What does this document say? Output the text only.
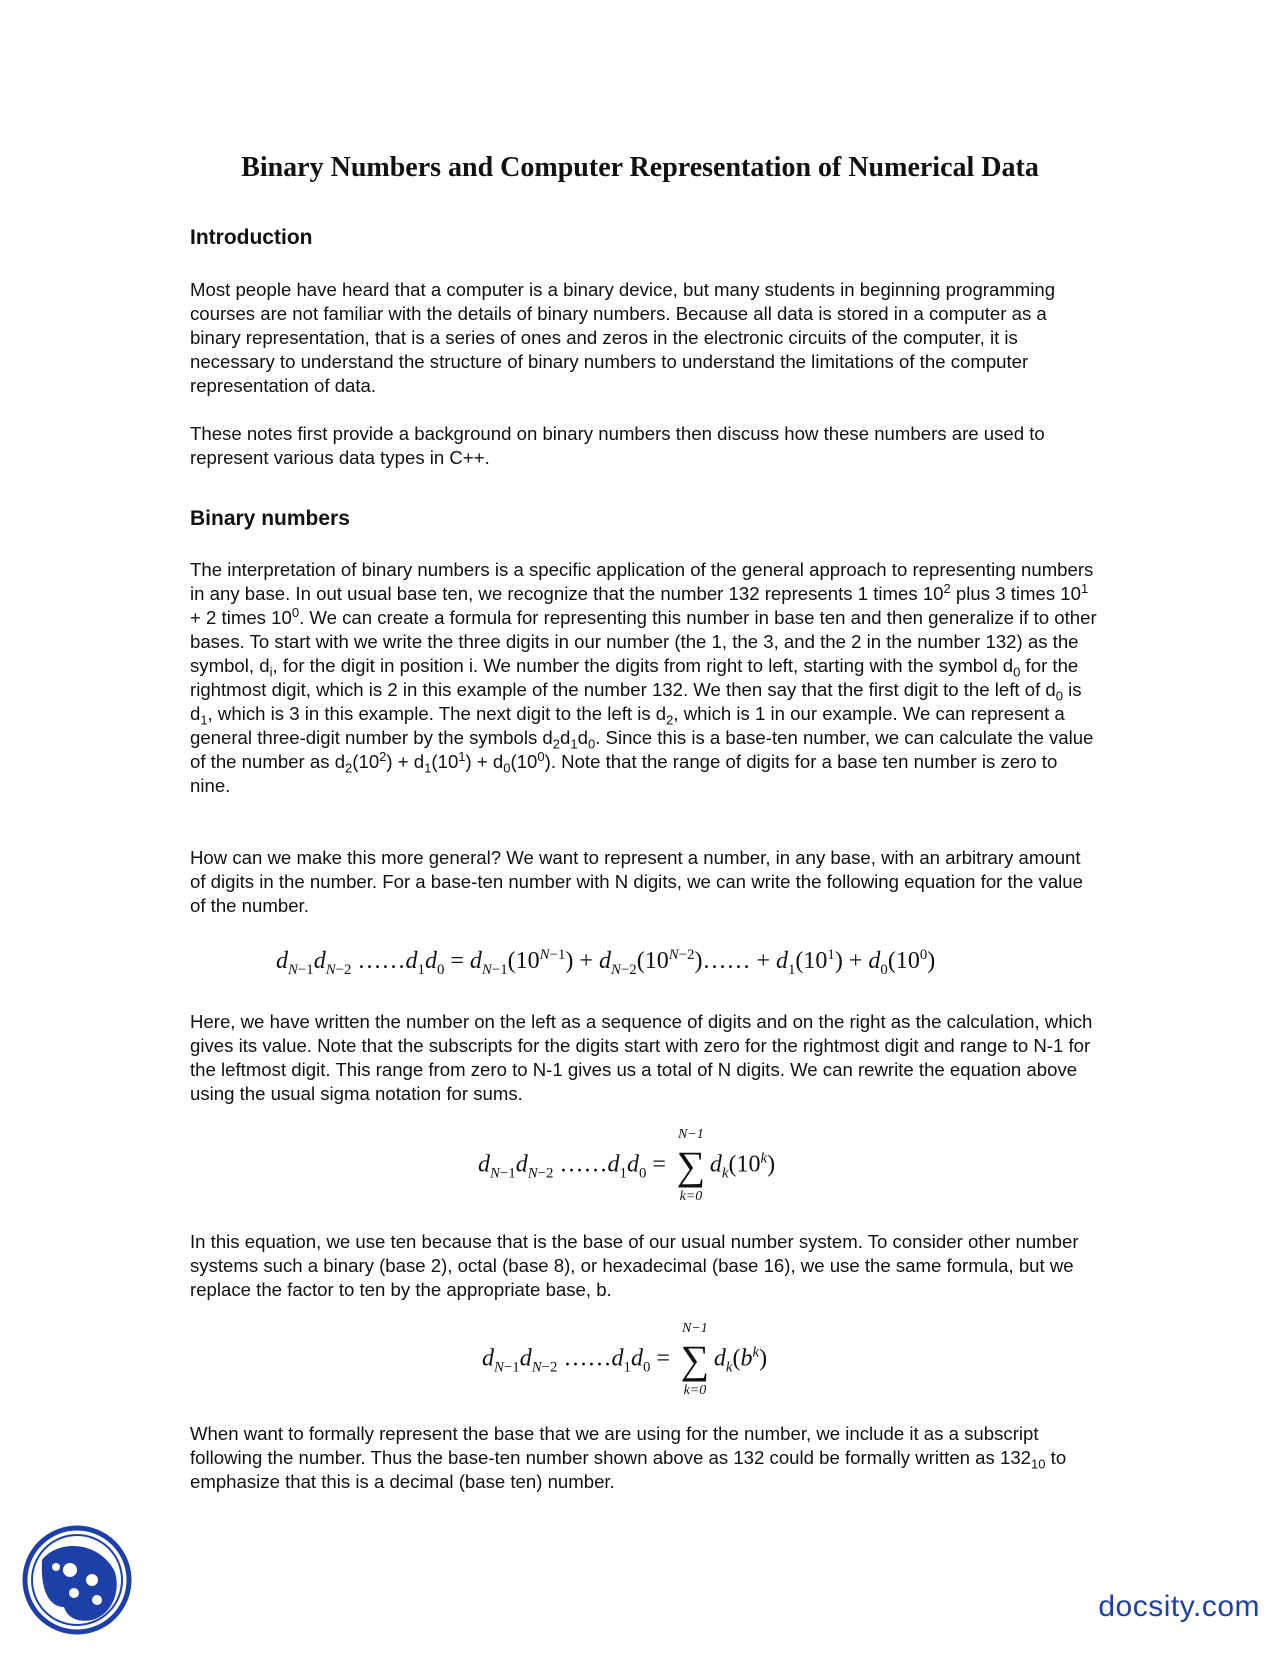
Binary Numbers and Computer Representation of Numerical Data
Introduction

Most people have heard that a computer is a binary device, but many students in beginning programming courses are not familiar with the details of binary numbers. Because all data is stored in a computer as a binary representation, that is a series of ones and zeros in the electronic circuits of the computer, it is necessary to understand the structure of binary numbers to understand the limitations of the computer representation of data.

These notes first provide a background on binary numbers then discuss how these numbers are used to represent various data types in C++.

Binary numbers

The interpretation of binary numbers is a specific application of the general approach to representing numbers in any base. In out usual base ten, we recognize that the number 132 represents 1 times $10^2$ plus 3 times $10^1 + 2$ times $10^0$. We can create a formula for representing this number in base ten and then generalize if to other bases. To start with we write the three digits in our number (the 1, the 3, and the 2 in the number 132) as the symbol, $d_i$, for the digit in position i. We number the digits from right to left, starting with the symbol $d_0$ for the rightmost digit, which is 2 in this example of the number 132. We then say that the first digit to the left of $d_0$ is $d_1$, which is 3 in this example. The next digit to the left is $d_2$, which is 1 in our example. We can represent a general three-digit number by the symbols $d_2d_1d_0$. Since this is a base-ten number, we can calculate the value of the number as $d_2(10^2) + d_1(10^1) + d_0(10^0)$. Note that the range of digits for a base ten number is zero to nine.

How can we make this more general? We want to represent a number, in any base, with an arbitrary amount of digits in the number. For a base-ten number with N digits, we can write the following equation for the value of the number.

$d_{N-1}d_{N-2}$ $\dots\dots d_1d_0 = d_{N-1}(10^{N-1})$ + $d_{N-2}(10^{N-2})\dots\dots + d_1(10^1) + d_0(10^0)$

Here, we have written the number on the left as a sequence of digits and on the right as the calculation, which gives its value. Note that the subscripts for the digits start with zero for the rightmost digit and range to N-1 for the leftmost digit. This range from zero to N-1 gives us a total of N digits. We can rewrite the equation above using the usual sigma notation for sums.

$d_{N-1}d_{N-2}$ $\dots\dots d_1d_0$ =
N−1
∑
k=0
$d_k(10^k)$

In this equation, we use ten because that is the base of our usual number system. To consider other number systems such a binary (base 2), octal (base 8), or hexadecimal (base 16), we use the same formula, but we replace the factor to ten by the appropriate base, b.

$d_{N-1}d_{N-2}$ $\dots\dots d_1d_0$ =
N−1
∑
k=0
$d_k(b^k)$

When want to formally represent the base that we are using for the number, we include it as a subscript following the number. Thus the base-ten number shown above as 132 could be formally written as $132_{10}$ to emphasize that this is a decimal (base ten) number.

docsity.com
